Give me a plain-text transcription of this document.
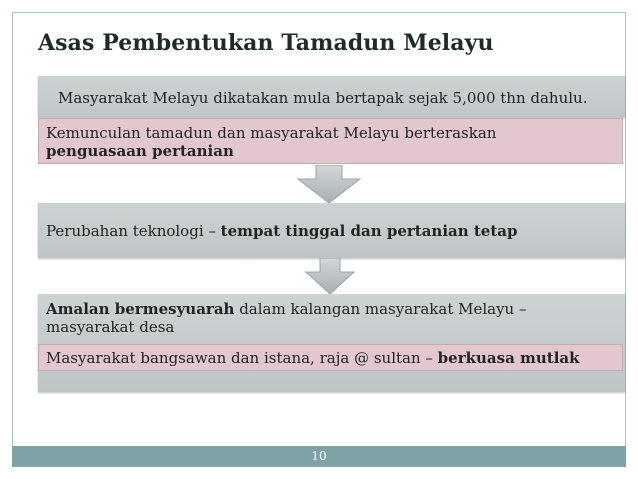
Asas Pembentukan Tamadun Melayu
Masyarakat Melayu dikatakan mula bertapak sejak 5,000 thn dahulu.
Kemunculan tamadun dan masyarakat Melayu berteraskan
penguasaan pertanian
Perubahan teknologi – tempat tinggal dan pertanian tetap
Amalan bermesyuarah dalam kalangan masyarakat Melayu – masyarakat desa
Masyarakat bangsawan dan istana, raja @ sultan – berkuasa mutlak
10
